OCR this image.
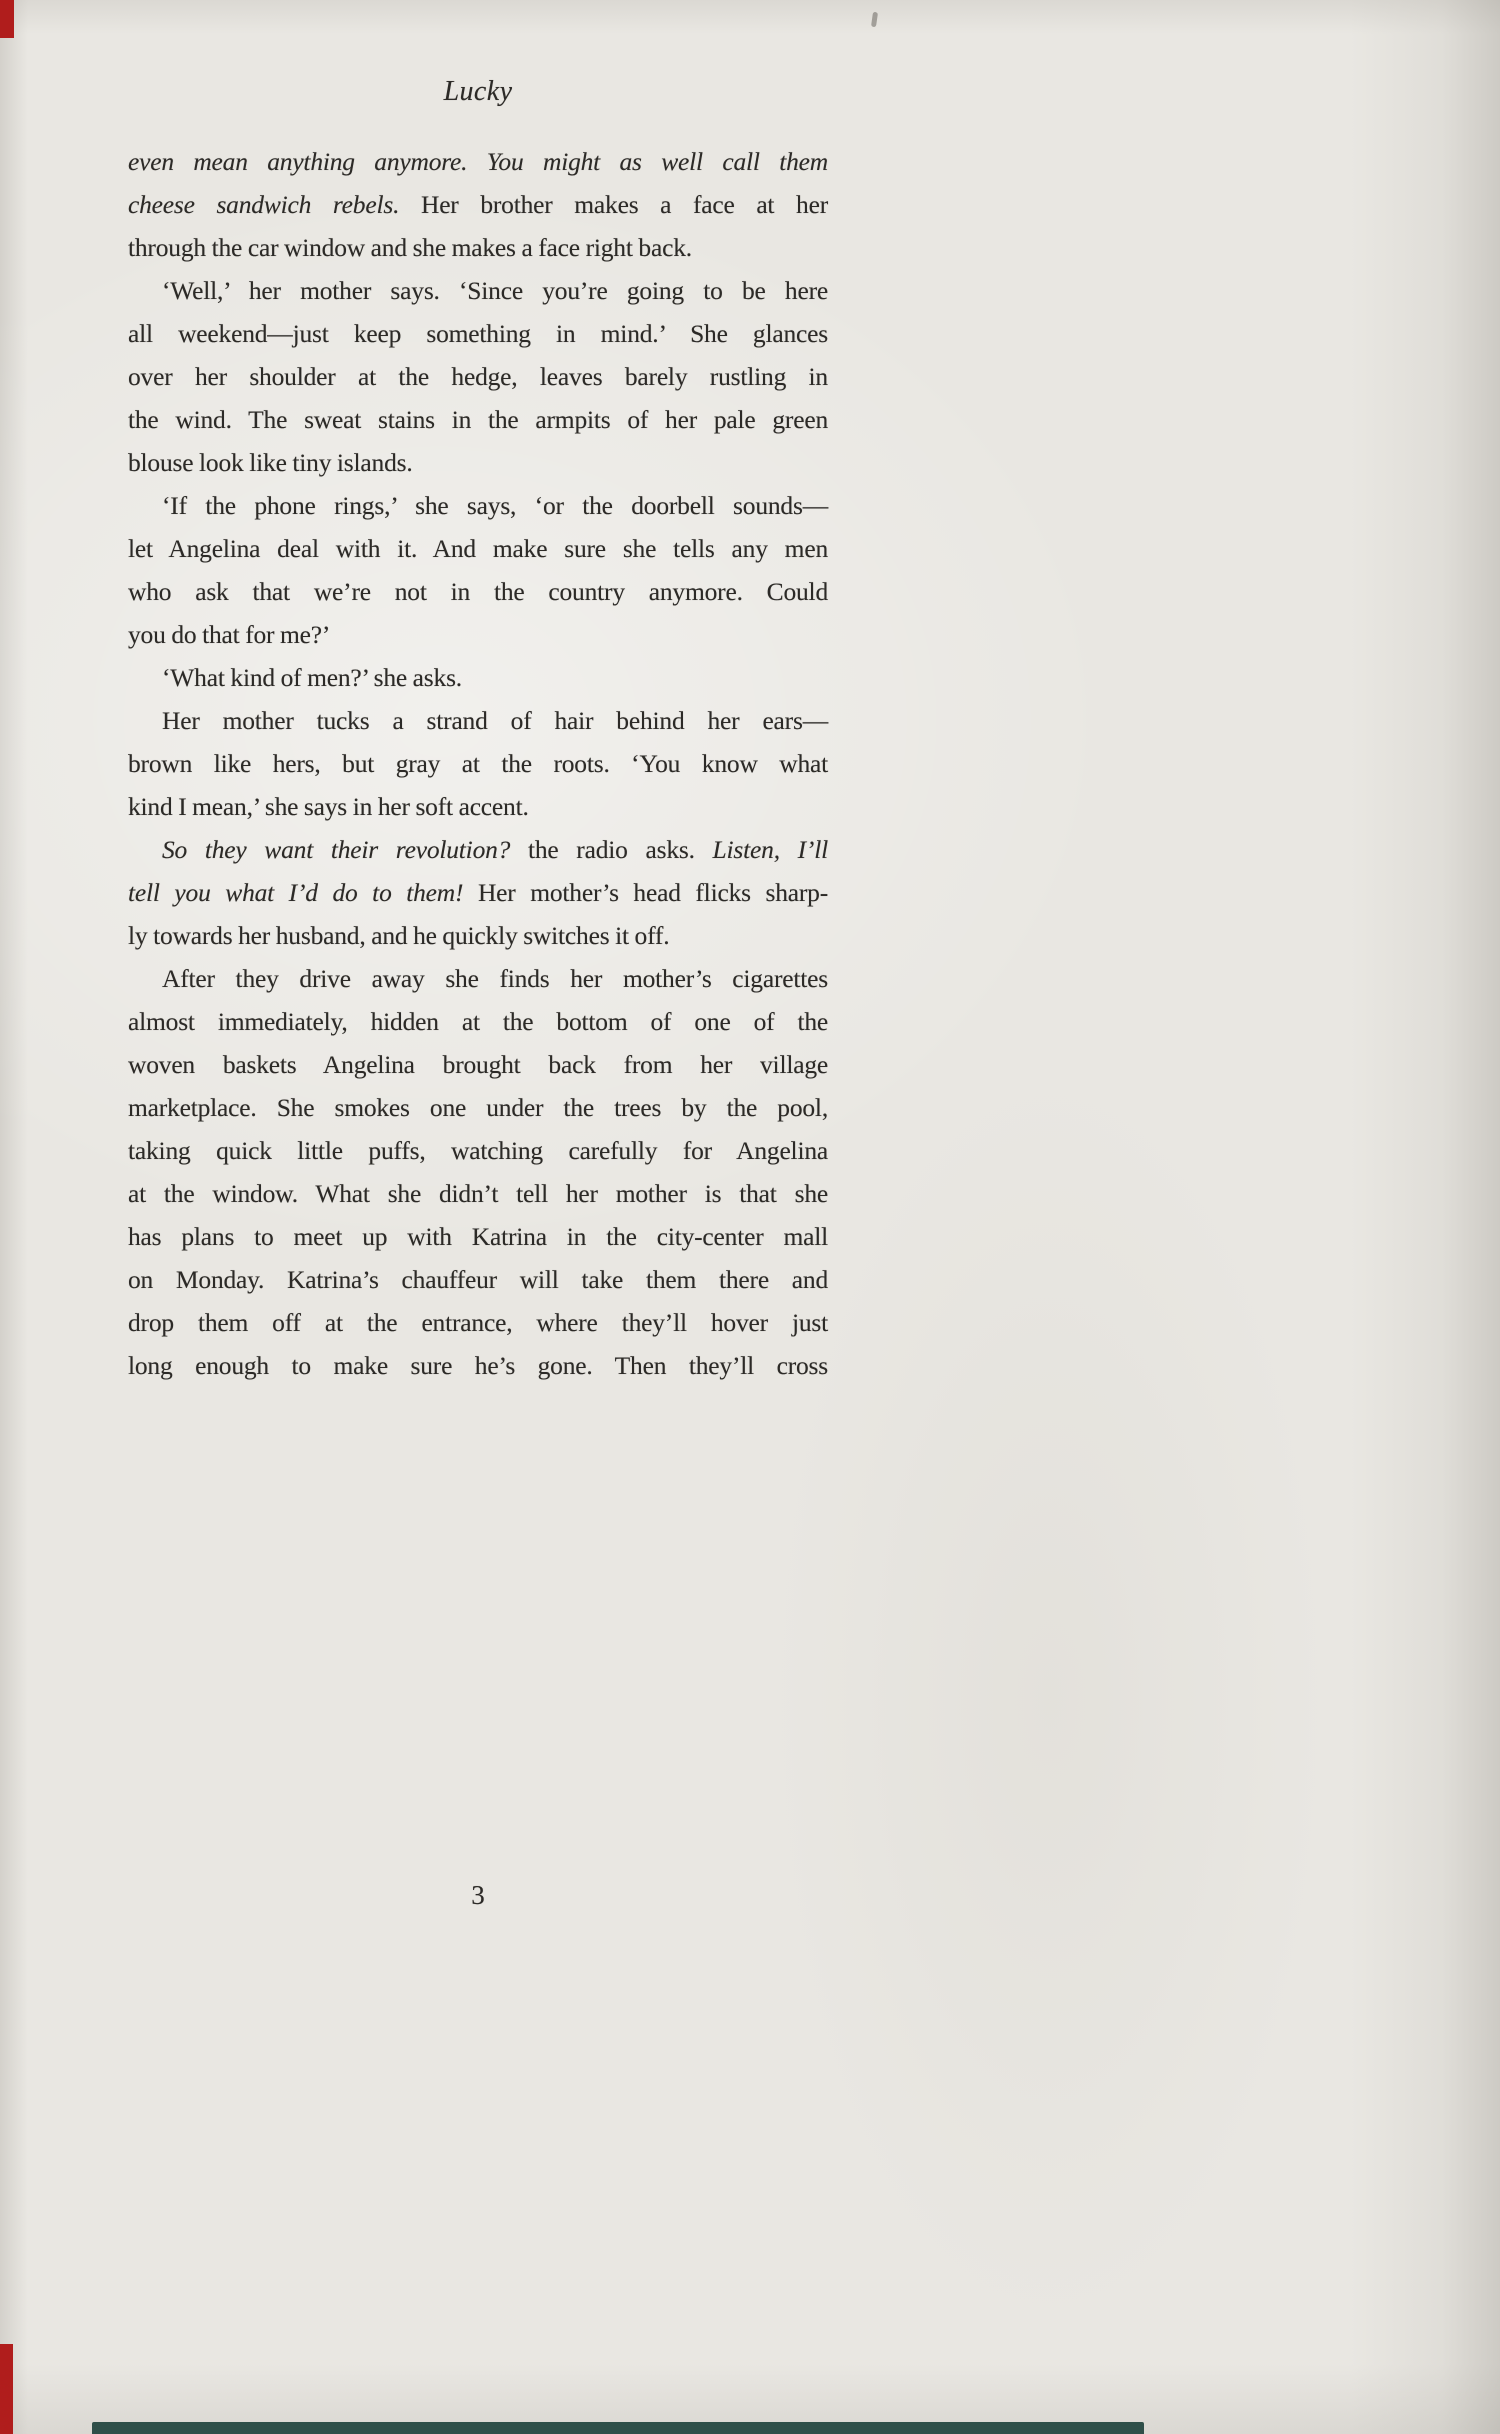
Lucky
even mean anything anymore. You might as well call them
cheese sandwich rebels. Her brother makes a face at her
through the car window and she makes a face right back.
‘Well,’ her mother says. ‘Since you’re going to be here
all weekend—just keep something in mind.’ She glances
over her shoulder at the hedge, leaves barely rustling in
the wind. The sweat stains in the armpits of her pale green
blouse look like tiny islands.
‘If the phone rings,’ she says, ‘or the doorbell sounds—
let Angelina deal with it. And make sure she tells any men
who ask that we’re not in the country anymore. Could
you do that for me?’
‘What kind of men?’ she asks.
Her mother tucks a strand of hair behind her ears—
brown like hers, but gray at the roots. ‘You know what
kind I mean,’ she says in her soft accent.
So they want their revolution? the radio asks. Listen, I’ll
tell you what I’d do to them! Her mother’s head flicks sharp-
ly towards her husband, and he quickly switches it off.
After they drive away she finds her mother’s cigarettes
almost immediately, hidden at the bottom of one of the
woven baskets Angelina brought back from her village
marketplace. She smokes one under the trees by the pool,
taking quick little puffs, watching carefully for Angelina
at the window. What she didn’t tell her mother is that she
has plans to meet up with Katrina in the city-center mall
on Monday. Katrina’s chauffeur will take them there and
drop them off at the entrance, where they’ll hover just
long enough to make sure he’s gone. Then they’ll cross
3
